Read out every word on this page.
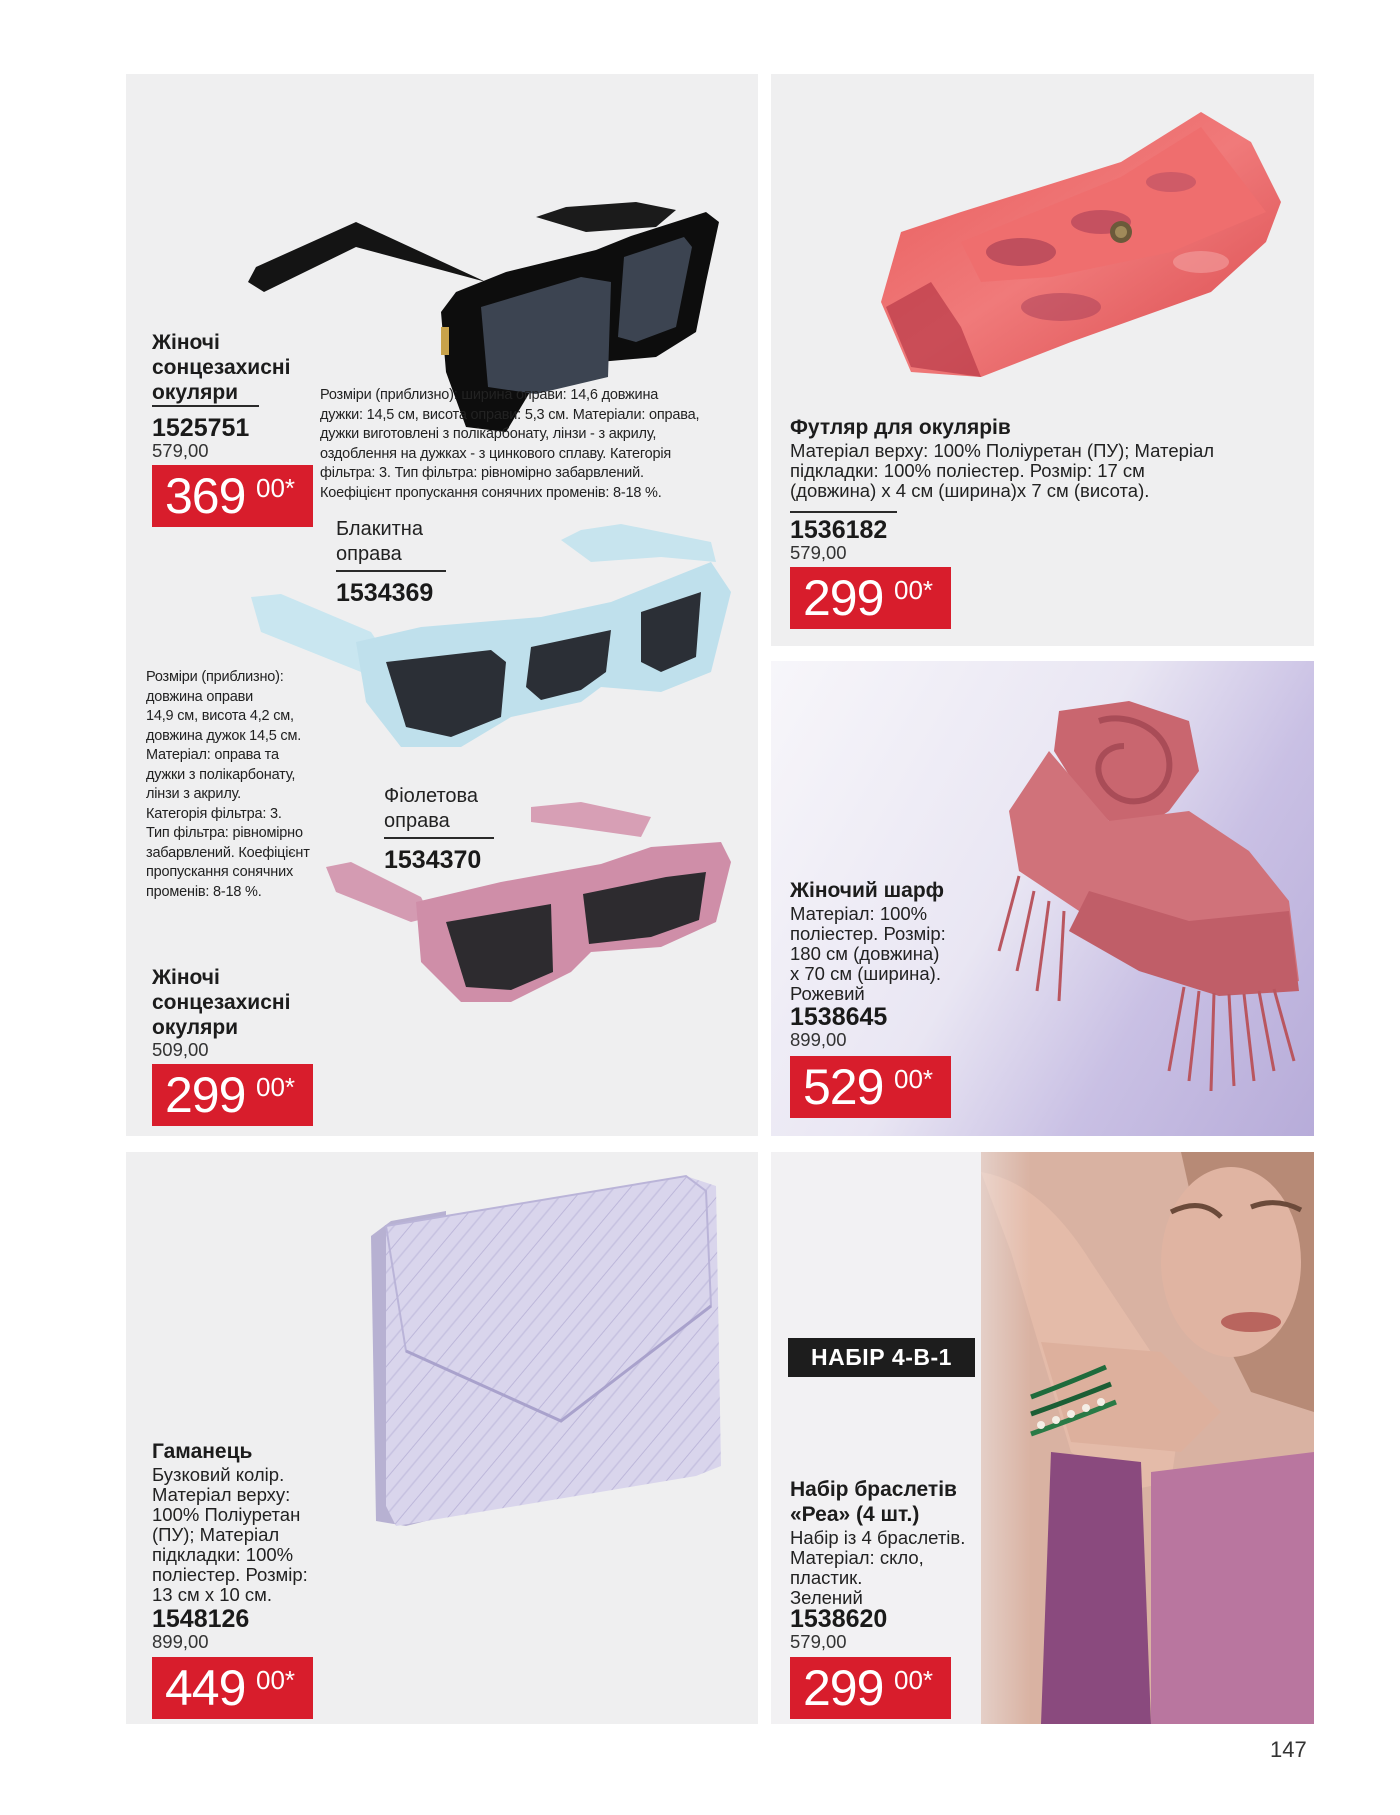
Жіночі
сонцезахисні
окуляри
1525751
579,00
369 00*
Розміри (приблизно): ширина оправи: 14,6 довжина
дужки: 14,5 см, висота оправи: 5,3 см. Матеріали: оправа,
дужки виготовлені з полікарбонату, лінзи - з акрилу,
оздоблення на дужках - з цинкового сплаву. Категорія
фільтра: 3. Тип фільтра: рівномірно забарвлений.
Коефіцієнт пропускання сонячних променів: 8-18 %.
Блакитна
оправа
1534369
Розміри (приблизно):
довжина оправи
14,9 см, висота 4,2 см,
довжина дужок 14,5 см.
Матеріал: оправа та
дужки з полікарбонату,
лінзи з акрилу.
Категорія фільтра: 3.
Тип фільтра: рівномірно
забарвлений. Коефіцієнт
пропускання сонячних
променів: 8-18 %.
Фіолетова
оправа
1534370
Жіночі
сонцезахисні
окуляри
509,00
299 00*
Футляр для окулярів
Матеріал верху: 100% Поліуретан (ПУ); Матеріал
підкладки: 100% поліестер. Розмір: 17 см
(довжина) х 4 см (ширина)х 7 см (висота).
1536182
579,00
299 00*
Жіночий шарф
Матеріал: 100%
поліестер. Розмір:
180 см (довжина)
х 70 см (ширина).
Рожевий
1538645
899,00
529 00*
Гаманець
Бузковий колір.
Матеріал верху:
100% Поліуретан
(ПУ); Матеріал
підкладки: 100%
поліестер. Розмір:
13 см х 10 см.
1548126
899,00
449 00*
НАБІР 4-В-1
Набір браслетів
«Реа» (4 шт.)
Набір із 4 браслетів.
Матеріал: скло,
пластик.
Зелений
1538620
579,00
299 00*
147
